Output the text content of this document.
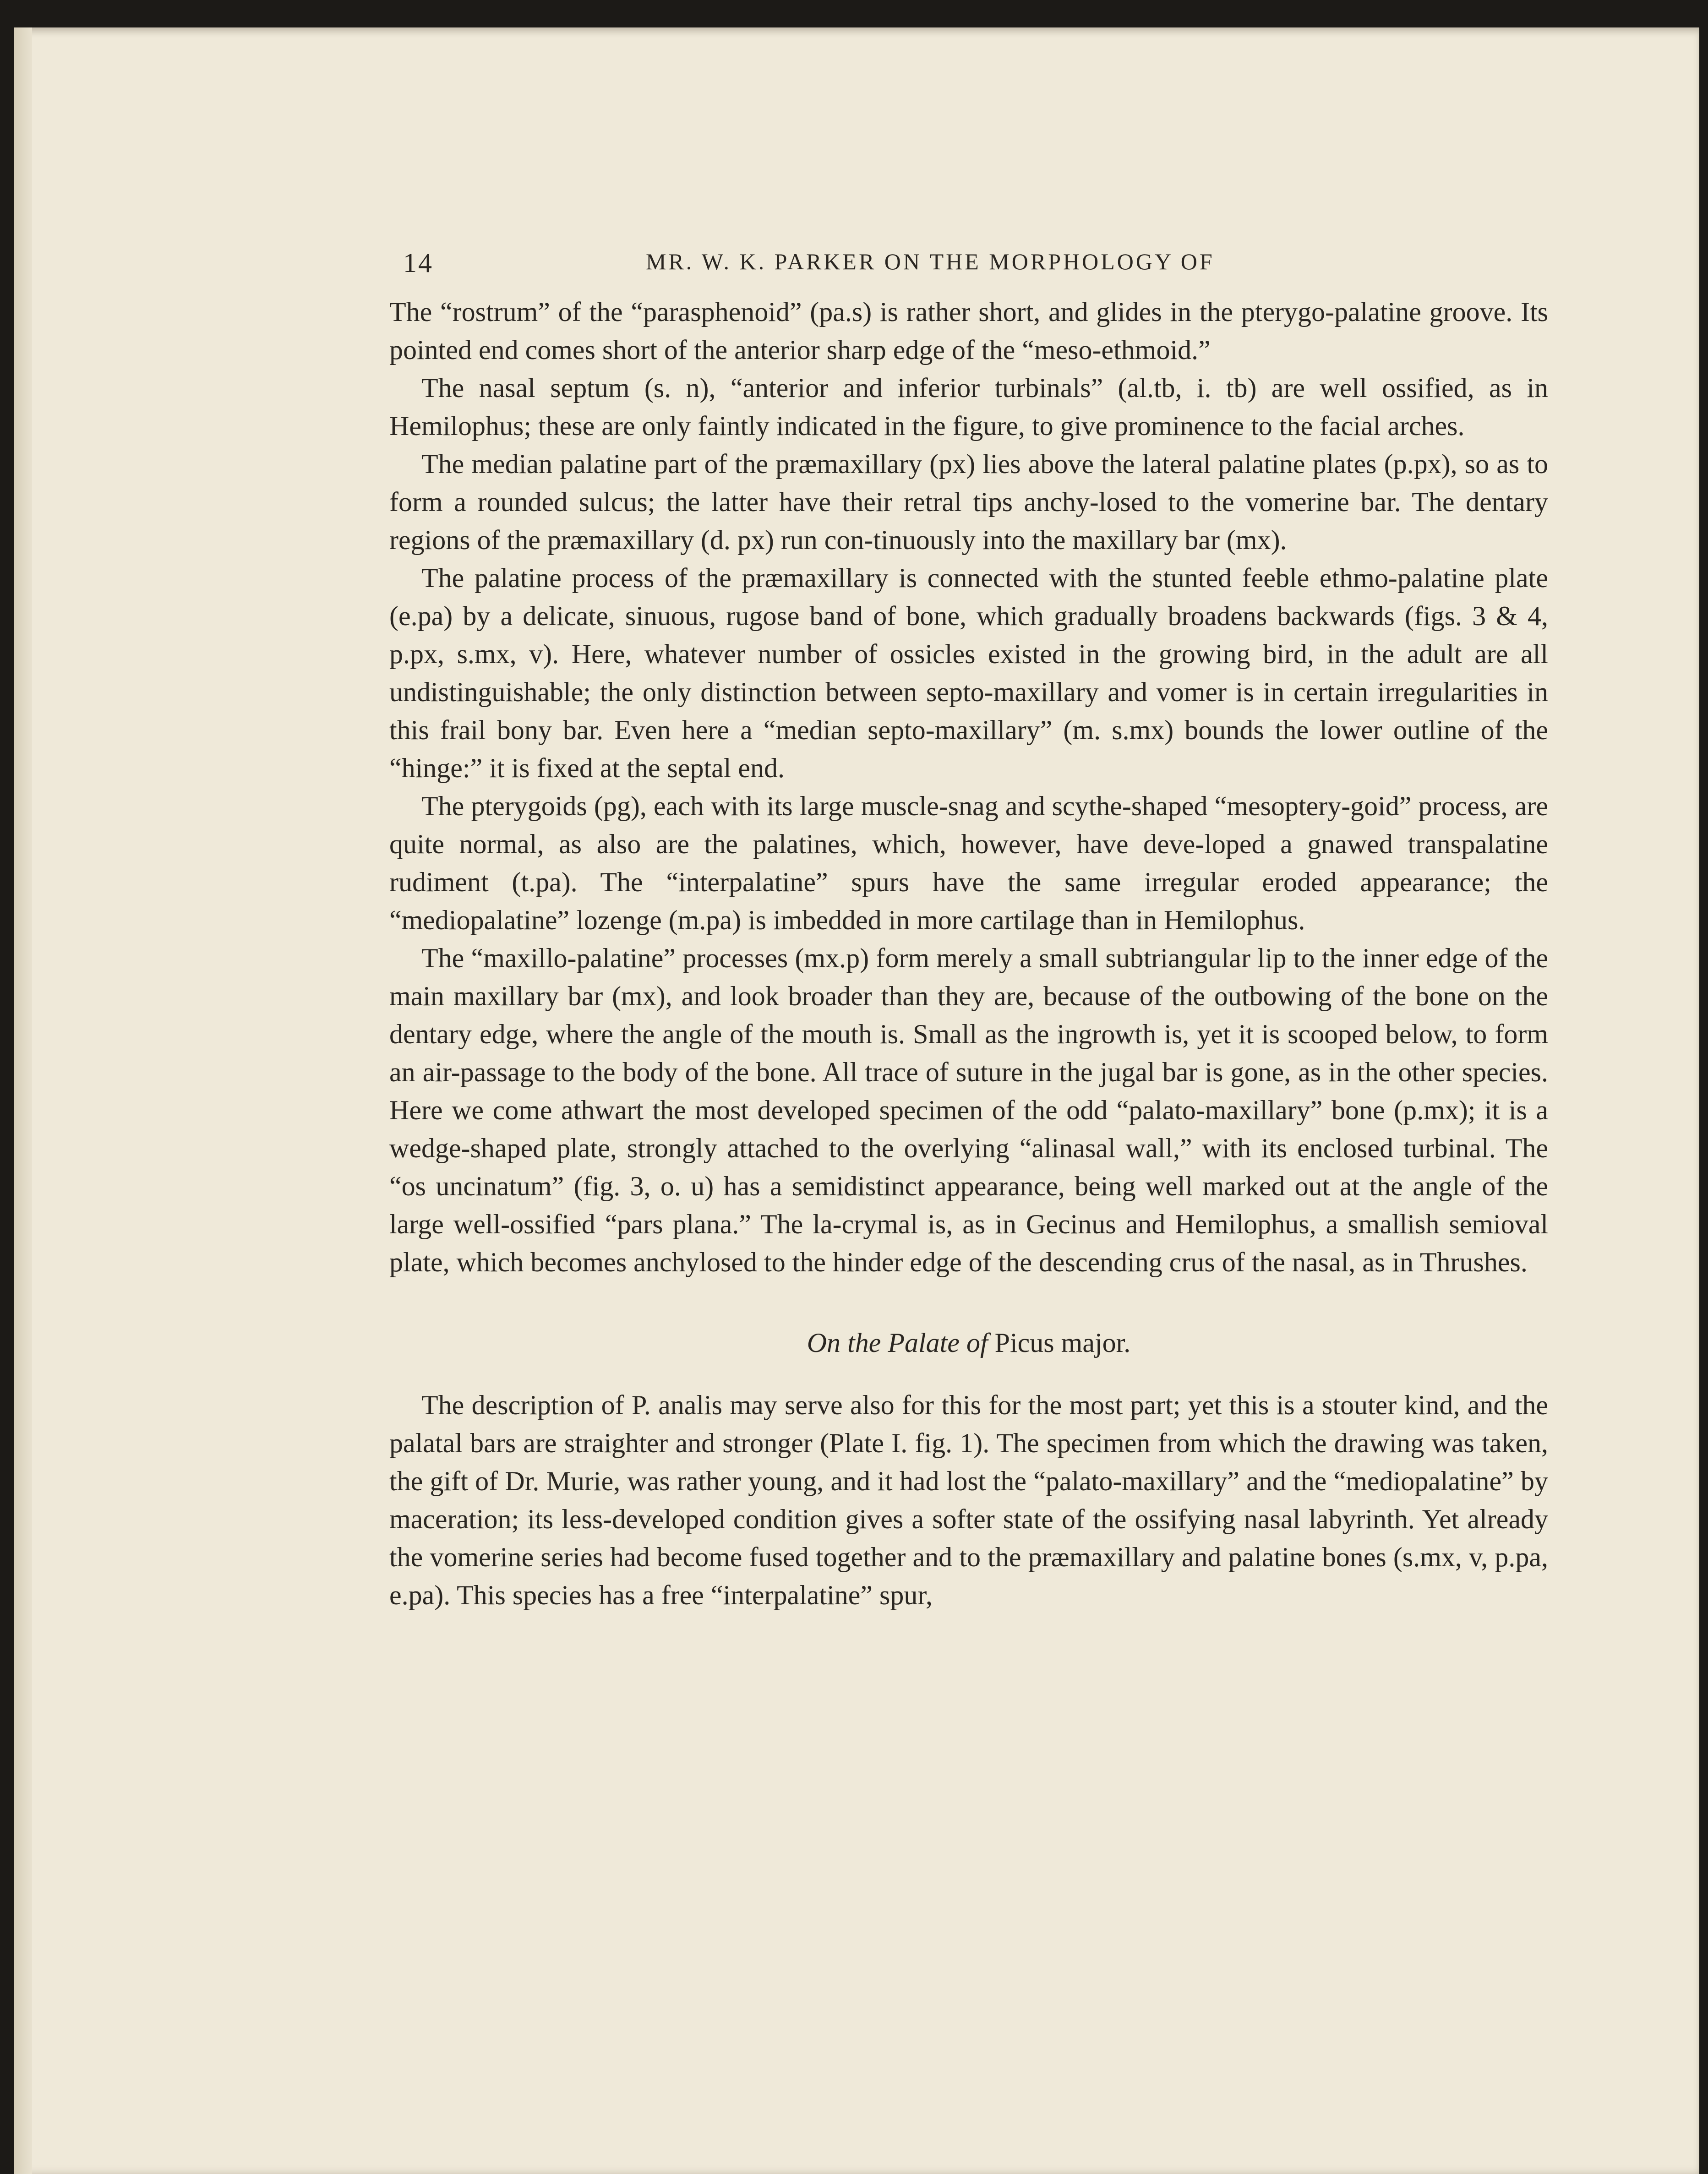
14	MR. W. K. PARKER ON THE MORPHOLOGY OF

The “rostrum” of the “parasphenoid” (pa.s) is rather short, and glides in the pterygo-palatine groove. Its pointed end comes short of the anterior sharp edge of the “meso-ethmoid.”

The nasal septum (s. n), “anterior and inferior turbinals” (al.tb, i. tb) are well ossified, as in Hemilophus; these are only faintly indicated in the figure, to give prominence to the facial arches.

The median palatine part of the præmaxillary (px) lies above the lateral palatine plates (p.px), so as to form a rounded sulcus; the latter have their retral tips anchy-losed to the vomerine bar. The dentary regions of the præmaxillary (d. px) run con-tinuously into the maxillary bar (mx).

The palatine process of the præmaxillary is connected with the stunted feeble ethmo-palatine plate (e.pa) by a delicate, sinuous, rugose band of bone, which gradually broadens backwards (figs. 3 & 4, p.px, s.mx, v). Here, whatever number of ossicles existed in the growing bird, in the adult are all undistinguishable; the only distinction between septo-maxillary and vomer is in certain irregularities in this frail bony bar. Even here a “median septo-maxillary” (m. s.mx) bounds the lower outline of the “hinge:” it is fixed at the septal end.

The pterygoids (pg), each with its large muscle-snag and scythe-shaped “mesoptery-goid” process, are quite normal, as also are the palatines, which, however, have deve-loped a gnawed transpalatine rudiment (t.pa). The “interpalatine” spurs have the same irregular eroded appearance; the “mediopalatine” lozenge (m.pa) is imbedded in more cartilage than in Hemilophus.

The “maxillo-palatine” processes (mx.p) form merely a small subtriangular lip to the inner edge of the main maxillary bar (mx), and look broader than they are, because of the outbowing of the bone on the dentary edge, where the angle of the mouth is. Small as the ingrowth is, yet it is scooped below, to form an air-passage to the body of the bone. All trace of suture in the jugal bar is gone, as in the other species. Here we come athwart the most developed specimen of the odd “palato-maxillary” bone (p.mx); it is a wedge-shaped plate, strongly attached to the overlying “alinasal wall,” with its enclosed turbinal. The “os uncinatum” (fig. 3, o. u) has a semidistinct appearance, being well marked out at the angle of the large well-ossified “pars plana.” The la-crymal is, as in Gecinus and Hemilophus, a smallish semioval plate, which becomes anchylosed to the hinder edge of the descending crus of the nasal, as in Thrushes.

On the Palate of Picus major.

The description of P. analis may serve also for this for the most part; yet this is a stouter kind, and the palatal bars are straighter and stronger (Plate I. fig. 1). The specimen from which the drawing was taken, the gift of Dr. Murie, was rather young, and it had lost the “palato-maxillary” and the “mediopalatine” by maceration; its less-developed condition gives a softer state of the ossifying nasal labyrinth. Yet already the vomerine series had become fused together and to the præmaxillary and palatine bones (s.mx, v, p.pa, e.pa). This species has a free “interpalatine” spur,
